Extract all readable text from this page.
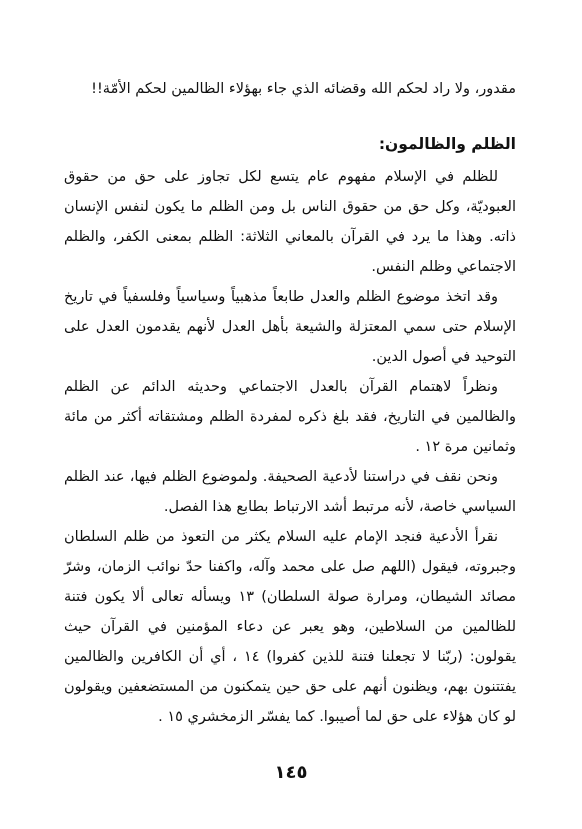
مقدور، ولا راد لحكم الله وقضائه الذي جاء بهؤلاء الظالمين لحكم الأمّة!!
الظلم والظالمون:

للظلم في الإسلام مفهوم عام يتسع لكل تجاوز على حق من حقوق العبوديّة، وكل حق من حقوق الناس بل ومن الظلم ما يكون لنفس الإنسان ذاته. وهذا ما يرد في القرآن بالمعاني الثلاثة: الظلم بمعنى الكفر، والظلم الاجتماعي وظلم النفس.

وقد اتخذ موضوع الظلم والعدل طابعاً مذهبياً وسياسياً وفلسفياً في تاريخ الإسلام حتى سمي المعتزلة والشيعة بأهل العدل لأنهم يقدمون العدل على التوحيد في أصول الدين.

ونظراً لاهتمام القرآن بالعدل الاجتماعي وحديثه الدائم عن الظلم والظالمين في التاريخ، فقد بلغ ذكره لمفردة الظلم ومشتقاته أكثر من مائة وثمانين مرة ١٢ .

ونحن نقف في دراستنا لأدعية الصحيفة. ولموضوع الظلم فيها، عند الظلم السياسي خاصة، لأنه مرتبط أشد الارتباط بطابع هذا الفصل.

نقرأ الأدعية فنجد الإمام عليه السلام يكثر من التعوذ من ظلم السلطان وجبروته، فيقول (اللهم صل على محمد وآله، واكفنا حدّ نوائب الزمان، وشرّ مصائد الشيطان، ومرارة صولة السلطان) ١٣ ويسأله تعالى ألا يكون فتنة للظالمين من السلاطين، وهو يعبر عن دعاء المؤمنين في القرآن حيث يقولون: (ربّنا لا تجعلنا فتنة للذين كفروا) ١٤ ، أي أن الكافرين والظالمين يفتتنون بهم، ويظنون أنهم على حق حين يتمكنون من المستضعفين ويقولون لو كان هؤلاء على حق لما أصيبوا. كما يفسّر الزمخشري ١٥ .

١٤٥
